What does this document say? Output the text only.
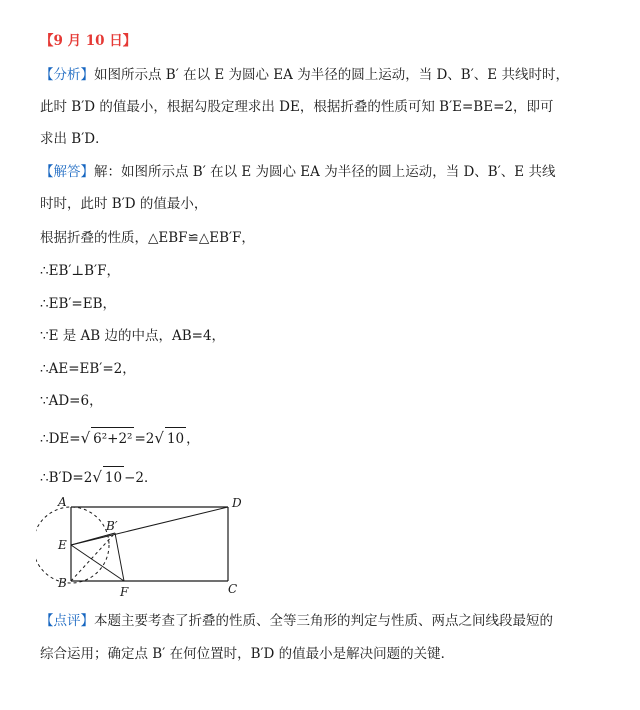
【9 月 10 日】
【分析】如图所示点 B′ 在以 E 为圆心 EA 为半径的圆上运动，当 D、B′、E 共线时时，
此时 B′D 的值最小，根据勾股定理求出 DE，根据折叠的性质可知 B′E=BE=2，即可
求出 B′D．
【解答】解：如图所示点 B′ 在以 E 为圆心 EA 为半径的圆上运动，当 D、B′、E 共线
时时，此时 B′D 的值最小，
根据折叠的性质，△EBF≌△EB′F，
∴EB′⊥B′F，
∴EB′=EB，
∵E 是 AB 边的中点，AB=4，
∴AE=EB′=2，
∵AD=6，
∴DE=√ 6²+2² =2√ 10 ，
∴B′D=2√ 10 −2．
A	D
E
B′
B
F	C
【点评】本题主要考查了折叠的性质、全等三角形的判定与性质、两点之间线段最短的
综合运用；确定点 B′ 在何位置时，B′D 的值最小是解决问题的关键．
